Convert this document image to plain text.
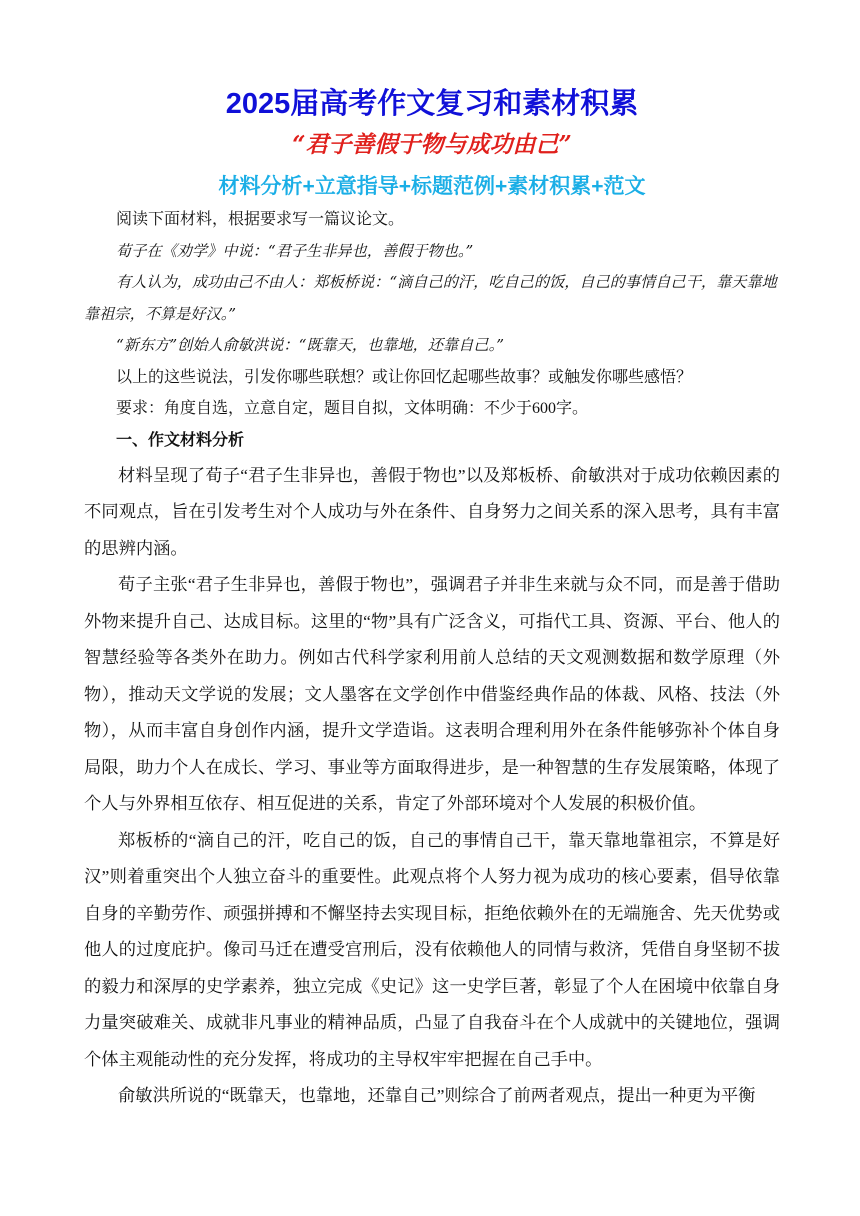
2025届高考作文复习和素材积累
“君子善假于物与成功由己”
材料分析+立意指导+标题范例+素材积累+范文

阅读下面材料，根据要求写一篇议论文。

荀子在《劝学》中说：“君子生非异也，善假于物也。”

有人认为，成功由己不由人：郑板桥说：“滴自己的汗，吃自己的饭，自己的事情自己干，靠天靠地靠祖宗，不算是好汉。”

“新东方”创始人俞敏洪说：“既靠天，也靠地，还靠自己。”

以上的这些说法，引发你哪些联想？或让你回忆起哪些故事？或触发你哪些感悟？

要求：角度自选，立意自定，题目自拟，文体明确：不少于600字。

一、作文材料分析

材料呈现了荀子“君子生非异也，善假于物也”以及郑板桥、俞敏洪对于成功依赖因素的不同观点，旨在引发考生对个人成功与外在条件、自身努力之间关系的深入思考，具有丰富的思辨内涵。

荀子主张“君子生非异也，善假于物也”，强调君子并非生来就与众不同，而是善于借助外物来提升自己、达成目标。这里的“物”具有广泛含义，可指代工具、资源、平台、他人的智慧经验等各类外在助力。例如古代科学家利用前人总结的天文观测数据和数学原理（外物），推动天文学说的发展；文人墨客在文学创作中借鉴经典作品的体裁、风格、技法（外物），从而丰富自身创作内涵，提升文学造诣。这表明合理利用外在条件能够弥补个体自身局限，助力个人在成长、学习、事业等方面取得进步，是一种智慧的生存发展策略，体现了个人与外界相互依存、相互促进的关系，肯定了外部环境对个人发展的积极价值。

郑板桥的“滴自己的汗，吃自己的饭，自己的事情自己干，靠天靠地靠祖宗，不算是好汉”则着重突出个人独立奋斗的重要性。此观点将个人努力视为成功的核心要素，倡导依靠自身的辛勤劳作、顽强拼搏和不懈坚持去实现目标，拒绝依赖外在的无端施舍、先天优势或他人的过度庇护。像司马迁在遭受宫刑后，没有依赖他人的同情与救济，凭借自身坚韧不拔的毅力和深厚的史学素养，独立完成《史记》这一史学巨著，彰显了个人在困境中依靠自身力量突破难关、成就非凡事业的精神品质，凸显了自我奋斗在个人成就中的关键地位，强调个体主观能动性的充分发挥，将成功的主导权牢牢把握在自己手中。

俞敏洪所说的“既靠天，也靠地，还靠自己”则综合了前两者观点，提出一种更为平衡
